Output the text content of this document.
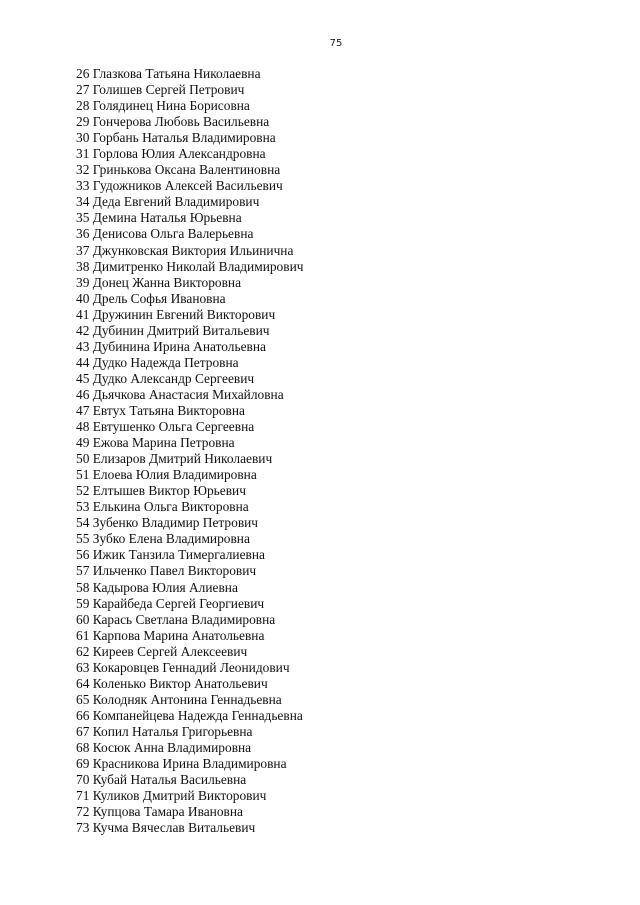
75
26 Глазкова Татьяна Николаевна
27 Голишев Сергей Петрович
28 Голядинец Нина Борисовна
29 Гончерова Любовь Васильевна
30 Горбань Наталья Владимировна
31 Горлова Юлия Александровна
32 Гринькова Оксана Валентиновна
33 Гудожников Алексей Васильевич
34 Деда Евгений Владимирович
35 Демина Наталья Юрьевна
36 Денисова Ольга Валерьевна
37 Джунковская Виктория Ильинична
38 Димитренко Николай Владимирович
39 Донец Жанна Викторовна
40 Дрель Софья Ивановна
41 Дружинин Евгений Викторович
42 Дубинин Дмитрий Витальевич
43 Дубинина Ирина Анатольевна
44 Дудко Надежда Петровна
45 Дудко Александр Сергеевич
46 Дьячкова Анастасия Михайловна
47 Евтух Татьяна Викторовна
48 Евтушенко Ольга Сергеевна
49 Ежова Марина Петровна
50 Елизаров Дмитрий Николаевич
51 Елоева Юлия Владимировна
52 Елтышев Виктор Юрьевич
53 Елькина Ольга Викторовна
54 Зубенко Владимир Петрович
55 Зубко Елена Владимировна
56 Ижик Танзила Тимергалиевна
57 Ильченко Павел Викторович
58 Кадырова Юлия Алиевна
59 Карайбеда Сергей Георгиевич
60 Карась Светлана Владимировна
61 Карпова Марина Анатольевна
62 Киреев Сергей Алексеевич
63 Кокаровцев Геннадий Леонидович
64 Коленько Виктор Анатольевич
65 Колодняк Антонина Геннадьевна
66 Компанейцева Надежда Геннадьевна
67 Копил Наталья Григорьевна
68 Косюк Анна Владимировна
69 Красникова Ирина Владимировна
70 Кубай Наталья Васильевна
71 Куликов Дмитрий Викторович
72 Купцова Тамара Ивановна
73 Кучма Вячеслав Витальевич
